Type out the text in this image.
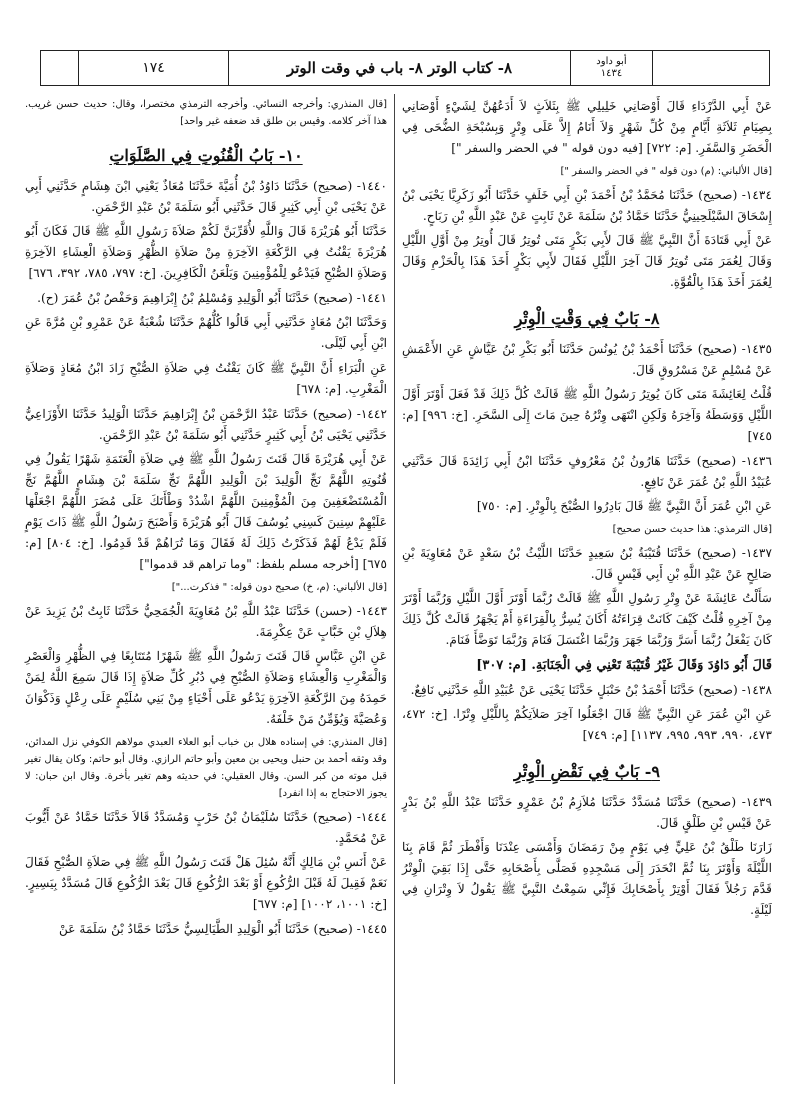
١٧٤	٨- كتاب الوتر ٨- باب في وقت الوتر	أبو داود
١٤٣٤

عَنْ أَبِي الدَّرْدَاءِ قَالَ أَوْصَانِي خَلِيلِي ﷺ بِثَلاَثٍ لاَ أَدَعُهُنَّ لِشَيْءٍ أَوْصَانِي بِصِيَامِ ثَلاَثَةِ أَيَّامٍ مِنْ كُلِّ شَهْرٍ وَلاَ أَنَامُ إِلاَّ عَلَى وِتْرٍ وَبِسُبْحَةِ الضُّحَى فِي الْحَضَرِ وَالسَّفَرِ. [م: ٧٢٢] [فيه دون قوله " في الحضر والسفر "]

[قال الألباني: (م) دون قوله " في الحضر والسفر "]

١٤٣٤- (صحيح) حَدَّثَنَا مُحَمَّدُ بْنُ أَحْمَدَ بْنِ أَبِي خَلَفٍ حَدَّثَنَا أَبُو زَكَرِيَّا يَحْيَى بْنُ إِسْحَاقَ السَّيْلَحِينِيُّ حَدَّثَنَا حَمَّادُ بْنُ سَلَمَةَ عَنْ ثَابِتٍ عَنْ عَبْدِ اللَّهِ بْنِ رَبَاحٍ.

عَنْ أَبِي قَتَادَةَ أَنَّ النَّبِيَّ ﷺ قَالَ لأَبِي بَكْرٍ مَتَى تُوتِرُ قَالَ أُوتِرُ مِنْ أَوَّلِ اللَّيْلِ وَقَالَ لِعُمَرَ مَتَى تُوتِرُ قَالَ آخِرَ اللَّيْلِ فَقَالَ لأَبِي بَكْرٍ أَخَذَ هَذَا بِالْحَزْمِ وَقَالَ لِعُمَرَ أَخَذَ هَذَا بِالْقُوَّةِ.

٨- بَابٌ فِي وَقْتِ الْوِتْرِ

١٤٣٥- (صحيح) حَدَّثَنَا أَحْمَدُ بْنُ يُونُسَ حَدَّثَنَا أَبُو بَكْرِ بْنُ عَيَّاشٍ عَنِ الأَعْمَشِ عَنْ مُسْلِمٍ عَنْ مَسْرُوقٍ قَالَ.

قُلْتُ لِعَائِشَةَ مَتَى كَانَ يُوتِرُ رَسُولُ اللَّهِ ﷺ قَالَتْ كُلَّ ذَلِكَ قَدْ فَعَلَ أَوْتَرَ أَوَّلَ اللَّيْلِ وَوَسَطَهُ وَآخِرَهُ وَلَكِنِ انْتَهَى وِتْرُهُ حِينَ مَاتَ إِلَى السَّحَرِ. [خ: ٩٩٦] [م: ٧٤٥]

١٤٣٦- (صحيح) حَدَّثَنَا هَارُونُ بْنُ مَعْرُوفٍ حَدَّثَنَا ابْنُ أَبِي زَائِدَةَ قَالَ حَدَّثَنِي عُبَيْدُ اللَّهِ بْنُ عُمَرَ عَنْ نَافِعٍ.

عَنِ ابْنِ عُمَرَ أَنَّ النَّبِيَّ ﷺ قَالَ بَادِرُوا الصُّبْحَ بِالْوِتْرِ. [م: ٧٥٠]

[قال الترمذي: هذا حديث حسن صحيح]

١٤٣٧- (صحيح) حَدَّثَنَا قُتَيْبَةُ بْنُ سَعِيدٍ حَدَّثَنَا اللَّيْثُ بْنُ سَعْدٍ عَنْ مُعَاوِيَةَ بْنِ صَالِحٍ عَنْ عَبْدِ اللَّهِ بْنِ أَبِي قَيْسٍ قَالَ.

سَأَلْتُ عَائِشَةَ عَنْ وِتْرِ رَسُولِ اللَّهِ ﷺ قَالَتْ رُبَّمَا أَوْتَرَ أَوَّلَ اللَّيْلِ وَرُبَّمَا أَوْتَرَ مِنْ آخِرِهِ قُلْتُ كَيْفَ كَانَتْ قِرَاءَتُهُ أَكَانَ يُسِرُّ بِالْقِرَاءَةِ أَمْ يَجْهَرُ قَالَتْ كُلَّ ذَلِكَ كَانَ يَفْعَلُ رُبَّمَا أَسَرَّ وَرُبَّمَا جَهَرَ وَرُبَّمَا اغْتَسَلَ فَنَامَ وَرُبَّمَا تَوَضَّأَ فَنَامَ.

قَالَ أَبُو دَاوُدَ وَقَالَ غَيْرُ قُتَيْبَةَ تَعْنِي فِي الْجَنَابَةِ. [م: ٣٠٧]

١٤٣٨- (صحيح) حَدَّثَنَا أَحْمَدُ بْنُ حَنْبَلٍ حَدَّثَنَا يَحْيَى عَنْ عُبَيْدِ اللَّهِ حَدَّثَنِي نَافِعٌ.

عَنِ ابْنِ عُمَرَ عَنِ النَّبِيِّ ﷺ قَالَ اجْعَلُوا آخِرَ صَلاَتِكُمْ بِاللَّيْلِ وِتْرًا. [خ: ٤٧٢، ٤٧٣، ٩٩٠، ٩٩٣، ٩٩٥، ١١٣٧] [م: ٧٤٩]

٩- بَابٌ فِي نَقْضِ الْوِتْرِ

١٤٣٩- (صحيح) حَدَّثَنَا مُسَدَّدٌ حَدَّثَنَا مُلاَزِمُ بْنُ عَمْرٍو حَدَّثَنَا عَبْدُ اللَّهِ بْنُ بَدْرٍ عَنْ قَيْسِ بْنِ طَلْقٍ قَالَ.

زَارَنَا طَلْقُ بْنُ عَلِيٍّ فِي يَوْمٍ مِنْ رَمَضَانَ وَأَمْسَى عِنْدَنَا وَأَفْطَرَ ثُمَّ قَامَ بِنَا اللَّيْلَةَ وَأَوْتَرَ بِنَا ثُمَّ انْحَدَرَ إِلَى مَسْجِدِهِ فَصَلَّى بِأَصْحَابِهِ حَتَّى إِذَا بَقِيَ الْوِتْرُ قَدَّمَ رَجُلاً فَقَالَ أَوْتِرْ بِأَصْحَابِكَ فَإِنِّي سَمِعْتُ النَّبِيَّ ﷺ يَقُولُ لاَ وِتْرَانِ فِي لَيْلَةٍ.

[قال المنذري: وأخرجه النسائي. وأخرجه الترمذي مختصرا، وقال: حديث حسن غريب. هذا آخر كلامه. وقيس بن طلق قد ضعفه غير واحد]

١٠- بَابُ الْقُنُوتِ فِي الصَّلَوَاتِ

١٤٤٠- (صحيح) حَدَّثَنَا دَاوُدُ بْنُ أُمَيَّةَ حَدَّثَنَا مُعَاذٌ يَعْنِي ابْنَ هِشَامٍ حَدَّثَنِي أَبِي عَنْ يَحْيَى بْنِ أَبِي كَثِيرٍ قَالَ حَدَّثَنِي أَبُو سَلَمَةَ بْنُ عَبْدِ الرَّحْمَنِ.

حَدَّثَنَا أَبُو هُرَيْرَةَ قَالَ وَاللَّهِ لأُقَرِّبَنَّ لَكُمْ صَلاَةَ رَسُولِ اللَّهِ ﷺ قَالَ فَكَانَ أَبُو هُرَيْرَةَ يَقْنُتُ فِي الرَّكْعَةِ الآخِرَةِ مِنْ صَلاَةِ الظُّهْرِ وَصَلاَةِ الْعِشَاءِ الآخِرَةِ وَصَلاَةِ الصُّبْحِ فَيَدْعُو لِلْمُؤْمِنِينَ وَيَلْعَنُ الْكَافِرِينَ. [خ: ٧٩٧، ٧٨٥، ٣٩٢، ٦٧٦]

١٤٤١- (صحيح) حَدَّثَنَا أَبُو الْوَلِيدِ وَمُسْلِمُ بْنُ إِبْرَاهِيمَ وَحَفْصُ بْنُ عُمَرَ (ح).

وَحَدَّثَنَا ابْنُ مُعَاذٍ حَدَّثَنِي أَبِي قَالُوا كُلُّهُمْ حَدَّثَنَا شُعْبَةُ عَنْ عَمْرِو بْنِ مُرَّةَ عَنِ ابْنِ أَبِي لَيْلَى.

عَنِ الْبَرَاءِ أَنَّ النَّبِيَّ ﷺ كَانَ يَقْنُتُ فِي صَلاَةِ الصُّبْحِ زَادَ ابْنُ مُعَاذٍ وَصَلاَةِ الْمَغْرِبِ. [م: ٦٧٨]

١٤٤٢- (صحيح) حَدَّثَنَا عَبْدُ الرَّحْمَنِ بْنُ إِبْرَاهِيمَ حَدَّثَنَا الْوَلِيدُ حَدَّثَنَا الأَوْزَاعِيُّ حَدَّثَنِي يَحْيَى بْنُ أَبِي كَثِيرٍ حَدَّثَنِي أَبُو سَلَمَةَ بْنُ عَبْدِ الرَّحْمَنِ.

عَنْ أَبِي هُرَيْرَةَ قَالَ قَنَتَ رَسُولُ اللَّهِ ﷺ فِي صَلاَةِ الْعَتَمَةِ شَهْرًا يَقُولُ فِي قُنُوتِهِ اللَّهُمَّ نَجِّ الْوَلِيدَ بْنَ الْوَلِيدِ اللَّهُمَّ نَجِّ سَلَمَةَ بْنَ هِشَامٍ اللَّهُمَّ نَجِّ الْمُسْتَضْعَفِينَ مِنَ الْمُؤْمِنِينَ اللَّهُمَّ اشْدُدْ وَطْأَتَكَ عَلَى مُضَرَ اللَّهُمَّ اجْعَلْهَا عَلَيْهِمْ سِنِينَ كَسِنِي يُوسُفَ قَالَ أَبُو هُرَيْرَةَ وَأَصْبَحَ رَسُولُ اللَّهِ ﷺ ذَاتَ يَوْمٍ فَلَمْ يَدْعُ لَهُمْ فَذَكَرْتُ ذَلِكَ لَهُ فَقَالَ وَمَا تُرَاهُمْ قَدْ قَدِمُوا. [خ: ٨٠٤] [م: ٦٧٥] [أخرجه مسلم بلفظ: "وما تراهم قد قدموا"]

[قال الألباني: (م، خ) صحيح دون قوله: " فذكرت..."]

١٤٤٣- (حسن) حَدَّثَنَا عَبْدُ اللَّهِ بْنُ مُعَاوِيَةَ الْجُمَحِيُّ حَدَّثَنَا ثَابِتُ بْنُ يَزِيدَ عَنْ هِلاَلِ بْنِ خَبَّابٍ عَنْ عِكْرِمَةَ.

عَنِ ابْنِ عَبَّاسٍ قَالَ قَنَتَ رَسُولُ اللَّهِ ﷺ شَهْرًا مُتَتَابِعًا فِي الظُّهْرِ وَالْعَصْرِ وَالْمَغْرِبِ وَالْعِشَاءِ وَصَلاَةِ الصُّبْحِ فِي دُبُرِ كُلِّ صَلاَةٍ إِذَا قَالَ سَمِعَ اللَّهُ لِمَنْ حَمِدَهُ مِنَ الرَّكْعَةِ الآخِرَةِ يَدْعُو عَلَى أَحْيَاءٍ مِنْ بَنِي سُلَيْمٍ عَلَى رِعْلٍ وَذَكْوَانَ وَعُصَيَّةَ وَيُؤَمِّنُ مَنْ خَلْفَهُ.

[قال المنذري: في إسناده هلال بن خباب أبو العلاء العبدي مولاهم الكوفي نزل المدائن، وقد وثقه أحمد بن حنبل ويحيى بن معين وأبو حاتم الرازي. وقال أبو حاتم: وكان يقال تغير قبل موته من كبر السن. وقال العقيلي: في حديثه وهم تغير بأخرة. وقال ابن حبان: لا يجوز الاحتجاج به إذا انفرد]

١٤٤٤- (صحيح) حَدَّثَنَا سُلَيْمَانُ بْنُ حَرْبٍ وَمُسَدَّدٌ قَالاَ حَدَّثَنَا حَمَّادٌ عَنْ أَيُّوبَ عَنْ مُحَمَّدٍ.

عَنْ أَنَسِ بْنِ مَالِكٍ أَنَّهُ سُئِلَ هَلْ قَنَتَ رَسُولُ اللَّهِ ﷺ فِي صَلاَةِ الصُّبْحِ فَقَالَ نَعَمْ فَقِيلَ لَهُ قَبْلَ الرُّكُوعِ أَوْ بَعْدَ الرُّكُوعِ قَالَ بَعْدَ الرُّكُوعِ قَالَ مُسَدَّدٌ بِيَسِيرٍ. [خ: ١٠٠١، ١٠٠٢] [م: ٦٧٧]

١٤٤٥- (صحيح) حَدَّثَنَا أَبُو الْوَلِيدِ الطَّيَالِسِيُّ حَدَّثَنَا حَمَّادُ بْنُ سَلَمَةَ عَنْ
